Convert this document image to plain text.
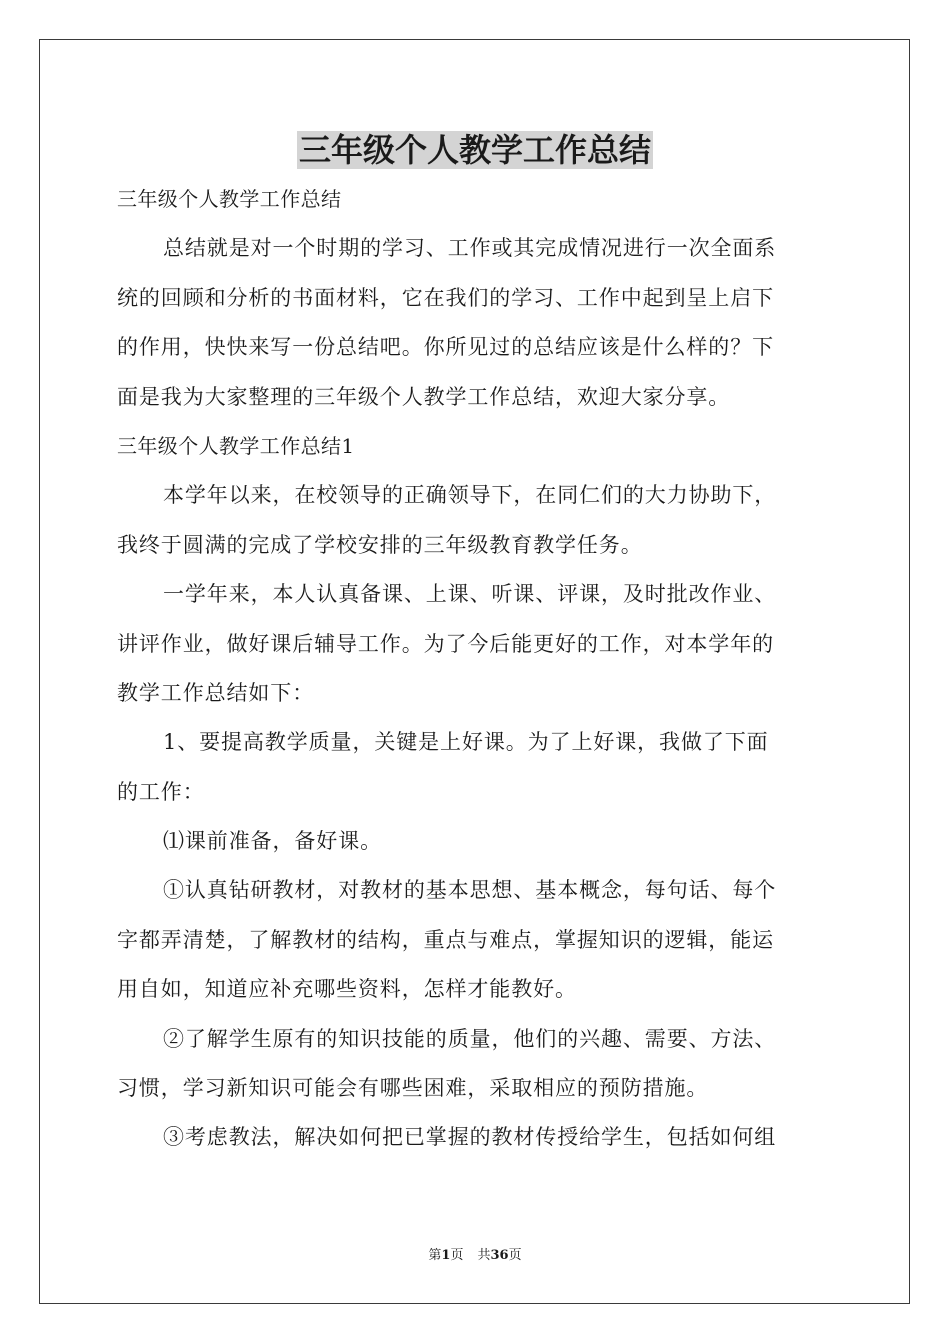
三年级个人教学工作总结
三年级个人教学工作总结
总结就是对一个时期的学习、工作或其完成情况进行一次全面系
统的回顾和分析的书面材料，它在我们的学习、工作中起到呈上启下
的作用，快快来写一份总结吧。你所见过的总结应该是什么样的？下
面是我为大家整理的三年级个人教学工作总结，欢迎大家分享。
三年级个人教学工作总结1
本学年以来，在校领导的正确领导下，在同仁们的大力协助下，
我终于圆满的完成了学校安排的三年级教育教学任务。
一学年来，本人认真备课、上课、听课、评课，及时批改作业、
讲评作业，做好课后辅导工作。为了今后能更好的工作，对本学年的
教学工作总结如下：
1、要提高教学质量，关键是上好课。为了上好课，我做了下面
的工作：
⑴课前准备，备好课。
①认真钻研教材，对教材的基本思想、基本概念，每句话、每个
字都弄清楚，了解教材的结构，重点与难点，掌握知识的逻辑，能运
用自如，知道应补充哪些资料，怎样才能教好。
②了解学生原有的知识技能的质量，他们的兴趣、需要、方法、
习惯，学习新知识可能会有哪些困难，采取相应的预防措施。
③考虑教法，解决如何把已掌握的教材传授给学生，包括如何组
第1页 共36页
